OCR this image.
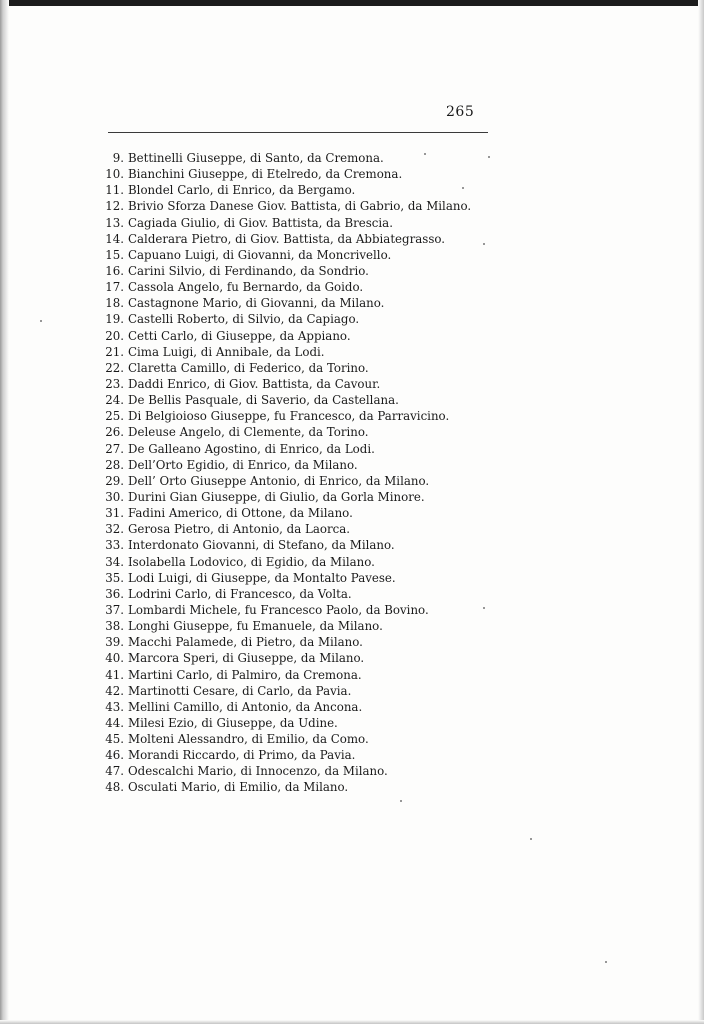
265
9. Bettinelli Giuseppe, di Santo, da Cremona.
10. Bianchini Giuseppe, di Etelredo, da Cremona.
11. Blondel Carlo, di Enrico, da Bergamo.
12. Brivio Sforza Danese Giov. Battista, di Gabrio, da Milano.
13. Cagiada Giulio, di Giov. Battista, da Brescia.
14. Calderara Pietro, di Giov. Battista, da Abbiategrasso.
15. Capuano Luigi, di Giovanni, da Moncrivello.
16. Carini Silvio, di Ferdinando, da Sondrio.
17. Cassola Angelo, fu Bernardo, da Goido.
18. Castagnone Mario, di Giovanni, da Milano.
19. Castelli Roberto, di Silvio, da Capiago.
20. Cetti Carlo, di Giuseppe, da Appiano.
21. Cima Luigi, di Annibale, da Lodi.
22. Claretta Camillo, di Federico, da Torino.
23. Daddi Enrico, di Giov. Battista, da Cavour.
24. De Bellis Pasquale, di Saverio, da Castellana.
25. Di Belgioioso Giuseppe, fu Francesco, da Parravicino.
26. Deleuse Angelo, di Clemente, da Torino.
27. De Galleano Agostino, di Enrico, da Lodi.
28. Dell’Orto Egidio, di Enrico, da Milano.
29. Dell’ Orto Giuseppe Antonio, di Enrico, da Milano.
30. Durini Gian Giuseppe, di Giulio, da Gorla Minore.
31. Fadini Americo, di Ottone, da Milano.
32. Gerosa Pietro, di Antonio, da Laorca.
33. Interdonato Giovanni, di Stefano, da Milano.
34. Isolabella Lodovico, di Egidio, da Milano.
35. Lodi Luigi, di Giuseppe, da Montalto Pavese.
36. Lodrini Carlo, di Francesco, da Volta.
37. Lombardi Michele, fu Francesco Paolo, da Bovino.
38. Longhi Giuseppe, fu Emanuele, da Milano.
39. Macchi Palamede, di Pietro, da Milano.
40. Marcora Speri, di Giuseppe, da Milano.
41. Martini Carlo, di Palmiro, da Cremona.
42. Martinotti Cesare, di Carlo, da Pavia.
43. Mellini Camillo, di Antonio, da Ancona.
44. Milesi Ezio, di Giuseppe, da Udine.
45. Molteni Alessandro, di Emilio, da Como.
46. Morandi Riccardo, di Primo, da Pavia.
47. Odescalchi Mario, di Innocenzo, da Milano.
48. Osculati Mario, di Emilio, da Milano.
